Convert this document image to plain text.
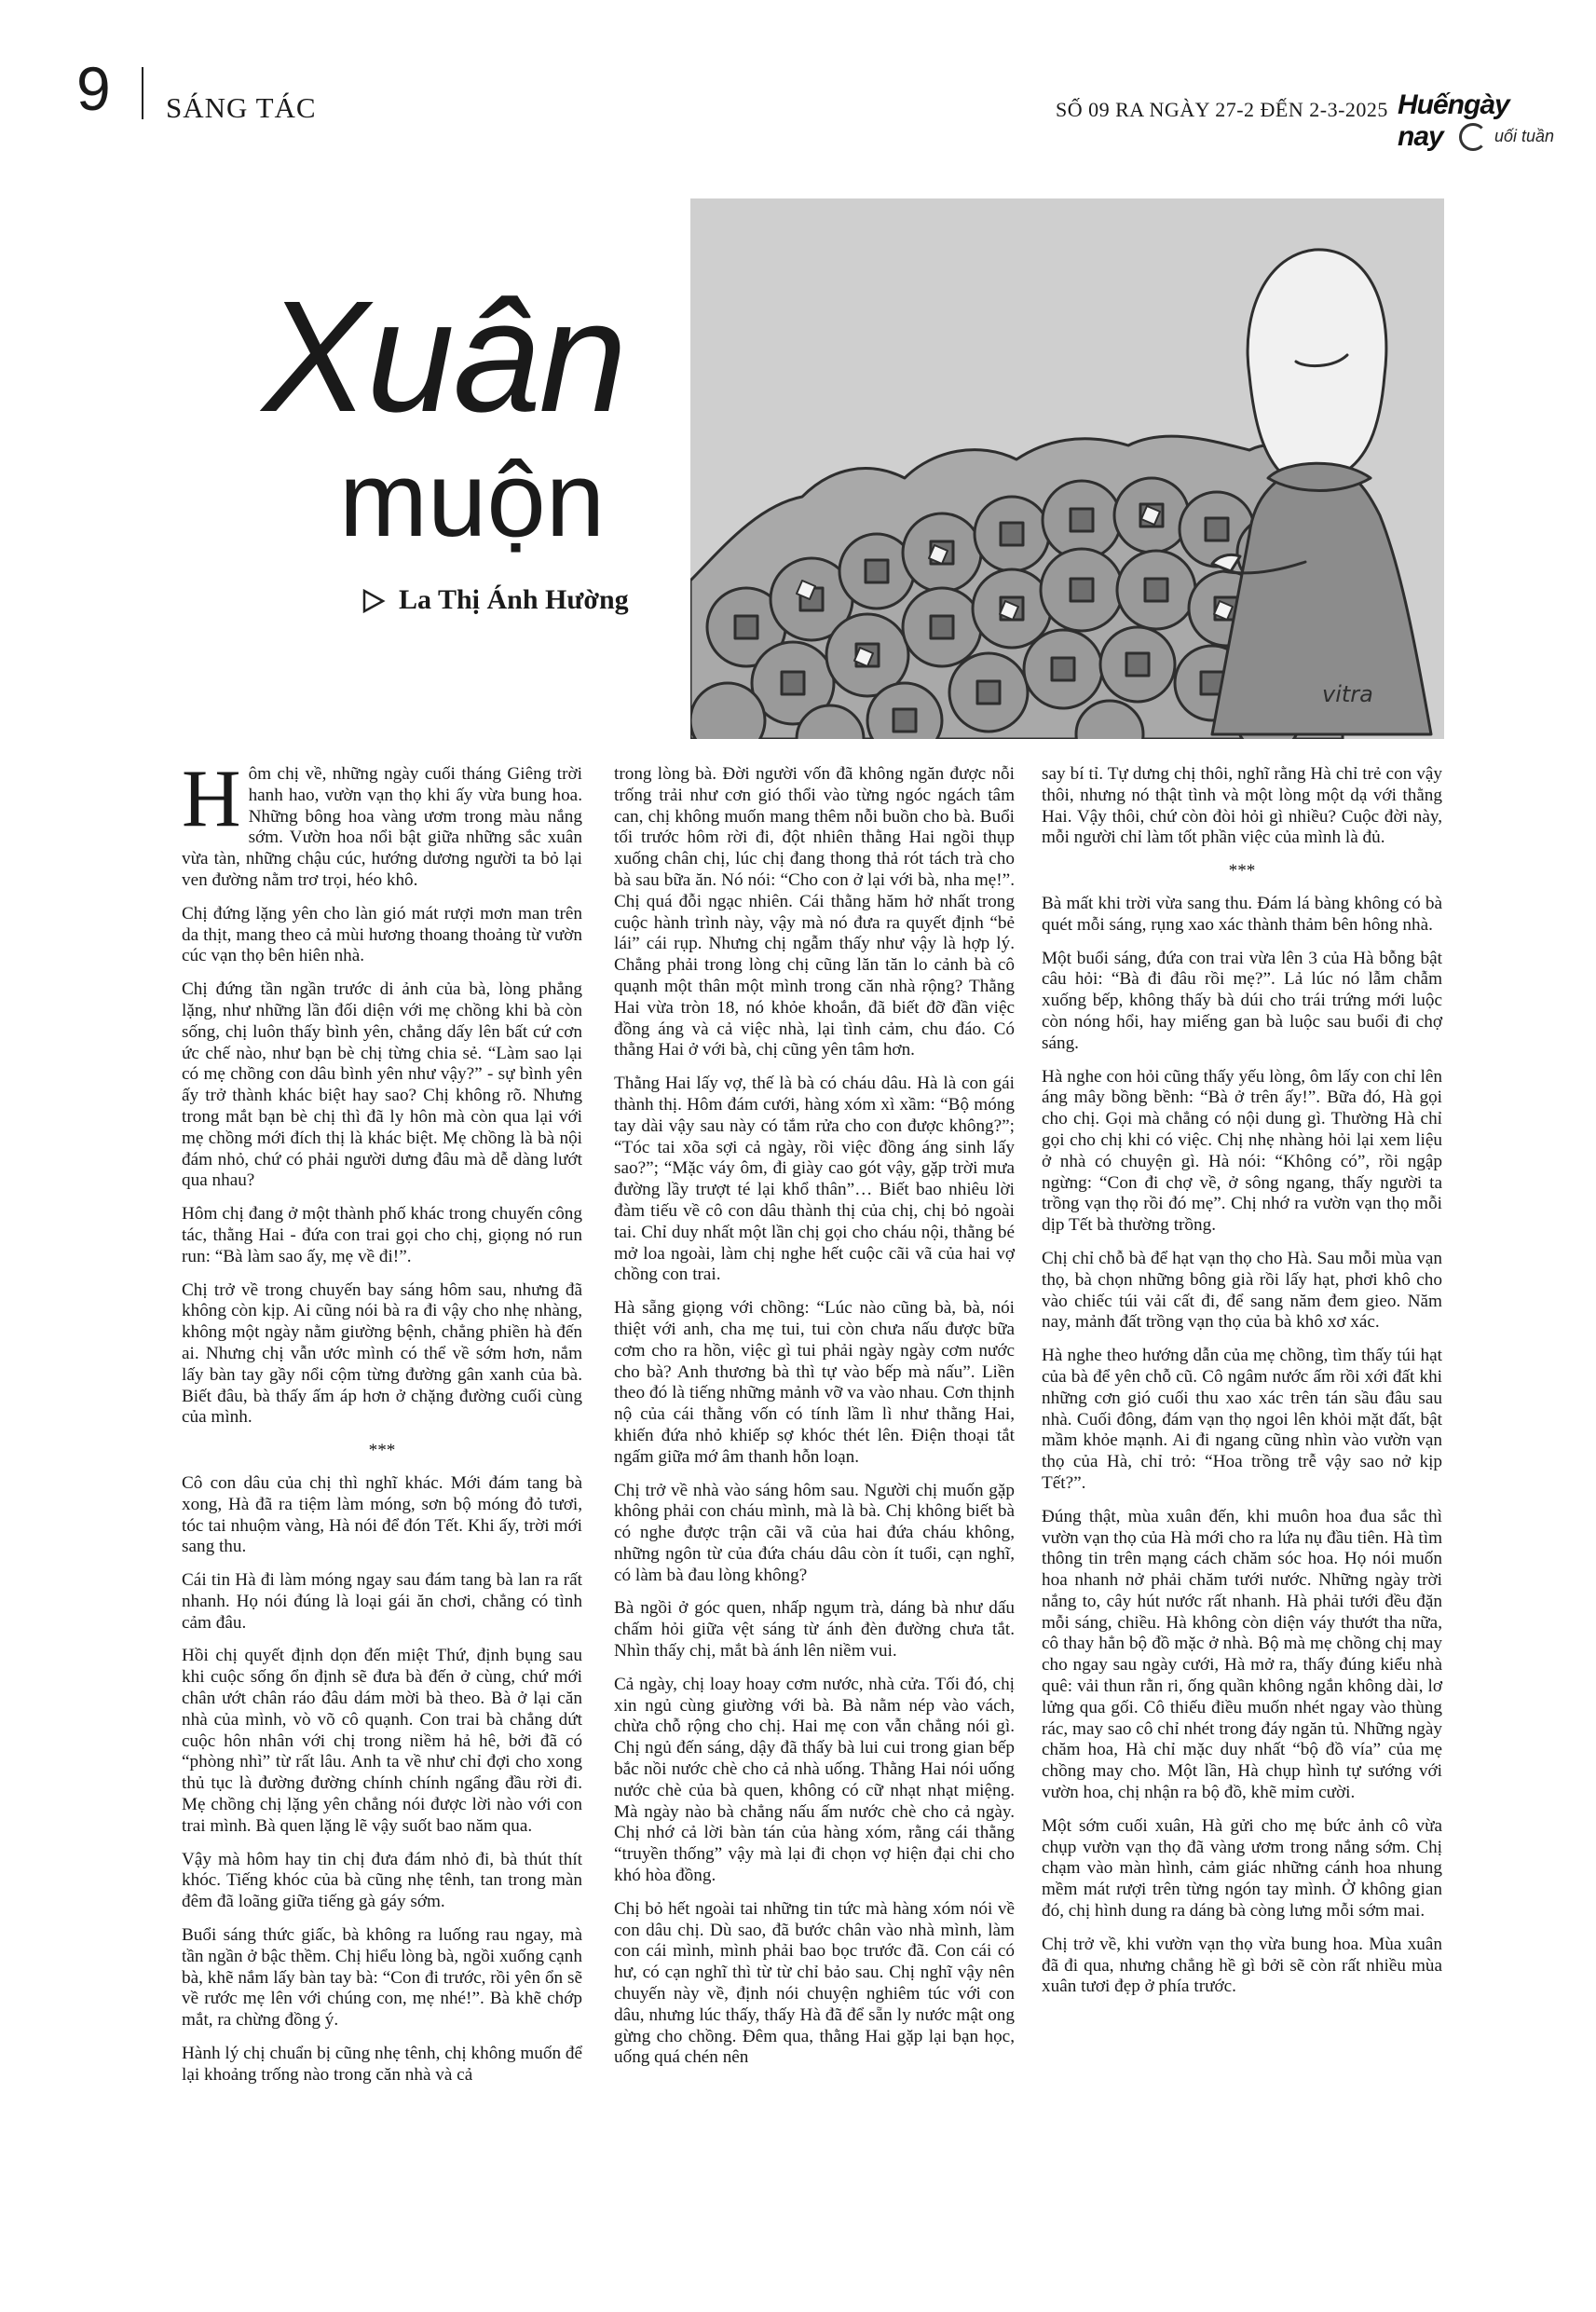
9 SÁNG TÁC	SỐ 09 RA NGÀY 27-2 ĐẾN 2-3-2025 Huếngày nay	uối tuần
Xuân
muộn
La Thị Ánh Hường
vitra

Hôm chị về, những ngày cuối tháng Giêng trời hanh hao, vườn vạn thọ khi ấy vừa bung hoa. Những bông hoa vàng ươm trong màu nắng sớm. Vườn hoa nổi bật giữa những sắc xuân vừa tàn, những chậu cúc, hướng dương người ta bỏ lại ven đường nằm trơ trọi, héo khô.

Chị đứng lặng yên cho làn gió mát rượi mơn man trên da thịt, mang theo cả mùi hương thoang thoảng từ vườn cúc vạn thọ bên hiên nhà.

Chị đứng tần ngần trước di ảnh của bà, lòng phẳng lặng, như những lần đối diện với mẹ chồng khi bà còn sống, chị luôn thấy bình yên, chẳng dấy lên bất cứ cơn ức chế nào, như bạn bè chị từng chia sẻ. “Làm sao lại có mẹ chồng con dâu bình yên như vậy?” - sự bình yên ấy trở thành khác biệt hay sao? Chị không rõ. Nhưng trong mắt bạn bè chị thì đã ly hôn mà còn qua lại với mẹ chồng mới đích thị là khác biệt. Mẹ chồng là bà nội đám nhỏ, chứ có phải người dưng đâu mà dễ dàng lướt qua nhau?

Hôm chị đang ở một thành phố khác trong chuyến công tác, thằng Hai - đứa con trai gọi cho chị, giọng nó run run: “Bà làm sao ấy, mẹ về đi!”.

Chị trở về trong chuyến bay sáng hôm sau, nhưng đã không còn kịp. Ai cũng nói bà ra đi vậy cho nhẹ nhàng, không một ngày nằm giường bệnh, chẳng phiền hà đến ai. Nhưng chị vẫn ước mình có thể về sớm hơn, nắm lấy bàn tay gầy nổi cộm từng đường gân xanh của bà. Biết đâu, bà thấy ấm áp hơn ở chặng đường cuối cùng của mình.

***

Cô con dâu của chị thì nghĩ khác. Mới đám tang bà xong, Hà đã ra tiệm làm móng, sơn bộ móng đỏ tươi, tóc tai nhuộm vàng, Hà nói để đón Tết. Khi ấy, trời mới sang thu.

Cái tin Hà đi làm móng ngay sau đám tang bà lan ra rất nhanh. Họ nói đúng là loại gái ăn chơi, chẳng có tình cảm đâu.

Hồi chị quyết định dọn đến miệt Thứ, định bụng sau khi cuộc sống ổn định sẽ đưa bà đến ở cùng, chứ mới chân ướt chân ráo đâu dám mời bà theo. Bà ở lại căn nhà của mình, vò võ cô quạnh. Con trai bà chẳng dứt cuộc hôn nhân với chị trong niềm hả hê, bởi đã có “phòng nhì” từ rất lâu. Anh ta về như chỉ đợi cho xong thủ tục là đường đường chính chính ngẩng đầu rời đi. Mẹ chồng chị lặng yên chẳng nói được lời nào với con trai mình. Bà quen lặng lẽ vậy suốt bao năm qua.

Vậy mà hôm hay tin chị đưa đám nhỏ đi, bà thút thít khóc. Tiếng khóc của bà cũng nhẹ tênh, tan trong màn đêm đã loãng giữa tiếng gà gáy sớm.

Buổi sáng thức giấc, bà không ra luống rau ngay, mà tần ngần ở bậc thềm. Chị hiểu lòng bà, ngồi xuống cạnh bà, khẽ nắm lấy bàn tay bà: “Con đi trước, rồi yên ổn sẽ về rước mẹ lên với chúng con, mẹ nhé!”. Bà khẽ chớp mắt, ra chừng đồng ý.

Hành lý chị chuẩn bị cũng nhẹ tênh, chị không muốn để lại khoảng trống nào trong căn nhà và cả

trong lòng bà. Đời người vốn đã không ngăn được nỗi trống trải như cơn gió thổi vào từng ngóc ngách tâm can, chị không muốn mang thêm nỗi buồn cho bà. Buổi tối trước hôm rời đi, đột nhiên thằng Hai ngồi thụp xuống chân chị, lúc chị đang thong thả rót tách trà cho bà sau bữa ăn. Nó nói: “Cho con ở lại với bà, nha mẹ!”. Chị quá đỗi ngạc nhiên. Cái thằng hăm hở nhất trong cuộc hành trình này, vậy mà nó đưa ra quyết định “bẻ lái” cái rụp. Nhưng chị ngẫm thấy như vậy là hợp lý. Chẳng phải trong lòng chị cũng lăn tăn lo cảnh bà cô quạnh một thân một mình trong căn nhà rộng? Thằng Hai vừa tròn 18, nó khỏe khoắn, đã biết đỡ đần việc đồng áng và cả việc nhà, lại tình cảm, chu đáo. Có thằng Hai ở với bà, chị cũng yên tâm hơn.

Thằng Hai lấy vợ, thế là bà có cháu dâu. Hà là con gái thành thị. Hôm đám cưới, hàng xóm xì xầm: “Bộ móng tay dài vậy sau này có tắm rửa cho con được không?”; “Tóc tai xõa sợi cả ngày, rồi việc đồng áng sinh lấy sao?”; “Mặc váy ôm, đi giày cao gót vậy, gặp trời mưa đường lầy trượt té lại khổ thân”… Biết bao nhiêu lời đàm tiếu về cô con dâu thành thị của chị, chị bỏ ngoài tai. Chỉ duy nhất một lần chị gọi cho cháu nội, thằng bé mở loa ngoài, làm chị nghe hết cuộc cãi vã của hai vợ chồng con trai.

Hà sẵng giọng với chồng: “Lúc nào cũng bà, bà, nói thiệt với anh, cha mẹ tui, tui còn chưa nấu được bữa cơm cho ra hồn, việc gì tui phải ngày ngày cơm nước cho bà? Anh thương bà thì tự vào bếp mà nấu”. Liền theo đó là tiếng những mảnh vỡ va vào nhau. Cơn thịnh nộ của cái thằng vốn có tính lầm lì như thằng Hai, khiến đứa nhỏ khiếp sợ khóc thét lên. Điện thoại tắt ngấm giữa mớ âm thanh hỗn loạn.

Chị trở về nhà vào sáng hôm sau. Người chị muốn gặp không phải con cháu mình, mà là bà. Chị không biết bà có nghe được trận cãi vã của hai đứa cháu không, những ngôn từ của đứa cháu dâu còn ít tuổi, cạn nghĩ, có làm bà đau lòng không?

Bà ngồi ở góc quen, nhấp ngụm trà, dáng bà như dấu chấm hỏi giữa vệt sáng từ ánh đèn đường chưa tắt. Nhìn thấy chị, mắt bà ánh lên niềm vui.

Cả ngày, chị loay hoay cơm nước, nhà cửa. Tối đó, chị xin ngủ cùng giường với bà. Bà nằm nép vào vách, chừa chỗ rộng cho chị. Hai mẹ con vẫn chẳng nói gì. Chị ngủ đến sáng, dậy đã thấy bà lui cui trong gian bếp bắc nồi nước chè cho cả nhà uống. Thằng Hai nói uống nước chè của bà quen, không có cữ nhạt nhạt miệng. Mà ngày nào bà chẳng nấu ấm nước chè cho cả ngày. Chị nhớ cả lời bàn tán của hàng xóm, rằng cái thằng “truyền thống” vậy mà lại đi chọn vợ hiện đại chi cho khó hòa đồng.

Chị bỏ hết ngoài tai những tin tức mà hàng xóm nói về con dâu chị. Dù sao, đã bước chân vào nhà mình, làm con cái mình, mình phải bao bọc trước đã. Con cái có hư, có cạn nghĩ thì từ từ chỉ bảo sau. Chị nghĩ vậy nên chuyến này về, định nói chuyện nghiêm túc với con dâu, nhưng lúc thấy, thấy Hà đã để sẵn ly nước mật ong gừng cho chồng. Đêm qua, thằng Hai gặp lại bạn học, uống quá chén nên

say bí tỉ. Tự dưng chị thôi, nghĩ rằng Hà chỉ trẻ con vậy thôi, nhưng nó thật tình và một lòng một dạ với thằng Hai. Vậy thôi, chứ còn đòi hỏi gì nhiều? Cuộc đời này, mỗi người chỉ làm tốt phần việc của mình là đủ.

***

Bà mất khi trời vừa sang thu. Đám lá bàng không có bà quét mỗi sáng, rụng xao xác thành thảm bên hông nhà.

Một buổi sáng, đứa con trai vừa lên 3 của Hà bỗng bật câu hỏi: “Bà đi đâu rồi mẹ?”. Lả lúc nó lẫm chẫm xuống bếp, không thấy bà dúi cho trái trứng mới luộc còn nóng hổi, hay miếng gan bà luộc sau buổi đi chợ sáng.

Hà nghe con hỏi cũng thấy yếu lòng, ôm lấy con chỉ lên áng mây bồng bềnh: “Bà ở trên ấy!”. Bữa đó, Hà gọi cho chị. Gọi mà chẳng có nội dung gì. Thường Hà chỉ gọi cho chị khi có việc. Chị nhẹ nhàng hỏi lại xem liệu ở nhà có chuyện gì. Hà nói: “Không có”, rồi ngập ngừng: “Con đi chợ về, ở sông ngang, thấy người ta trồng vạn thọ rồi đó mẹ”. Chị nhớ ra vườn vạn thọ mỗi dịp Tết bà thường trồng.

Chị chỉ chỗ bà để hạt vạn thọ cho Hà. Sau mỗi mùa vạn thọ, bà chọn những bông già rồi lấy hạt, phơi khô cho vào chiếc túi vải cất đi, để sang năm đem gieo. Năm nay, mảnh đất trồng vạn thọ của bà khô xơ xác.

Hà nghe theo hướng dẫn của mẹ chồng, tìm thấy túi hạt của bà để yên chỗ cũ. Cô ngâm nước ấm rồi xới đất khi những cơn gió cuối thu xao xác trên tán sầu đâu sau nhà. Cuối đông, đám vạn thọ ngoi lên khỏi mặt đất, bật mầm khỏe mạnh. Ai đi ngang cũng nhìn vào vườn vạn thọ của Hà, chỉ trỏ: “Hoa trồng trễ vậy sao nở kịp Tết?”.

Đúng thật, mùa xuân đến, khi muôn hoa đua sắc thì vườn vạn thọ của Hà mới cho ra lứa nụ đầu tiên. Hà tìm thông tin trên mạng cách chăm sóc hoa. Họ nói muốn hoa nhanh nở phải chăm tưới nước. Những ngày trời nắng to, cây hút nước rất nhanh. Hà phải tưới đều đặn mỗi sáng, chiều. Hà không còn diện váy thướt tha nữa, cô thay hẳn bộ đồ mặc ở nhà. Bộ mà mẹ chồng chị may cho ngay sau ngày cưới, Hà mở ra, thấy đúng kiểu nhà quê: vải thun rằn ri, ống quần không ngắn không dài, lơ lửng qua gối. Cô thiếu điều muốn nhét ngay vào thùng rác, may sao cô chỉ nhét trong đáy ngăn tủ. Những ngày chăm hoa, Hà chỉ mặc duy nhất “bộ đồ vía” của mẹ chồng may cho. Một lần, Hà chụp hình tự sướng với vườn hoa, chị nhận ra bộ đồ, khẽ mỉm cười.

Một sớm cuối xuân, Hà gửi cho mẹ bức ảnh cô vừa chụp vườn vạn thọ đã vàng ươm trong nắng sớm. Chị chạm vào màn hình, cảm giác những cánh hoa nhung mềm mát rượi trên từng ngón tay mình. Ở không gian đó, chị hình dung ra dáng bà còng lưng mỗi sớm mai.

Chị trở về, khi vườn vạn thọ vừa bung hoa. Mùa xuân đã đi qua, nhưng chẳng hề gì bởi sẽ còn rất nhiều mùa xuân tươi đẹp ở phía trước.
